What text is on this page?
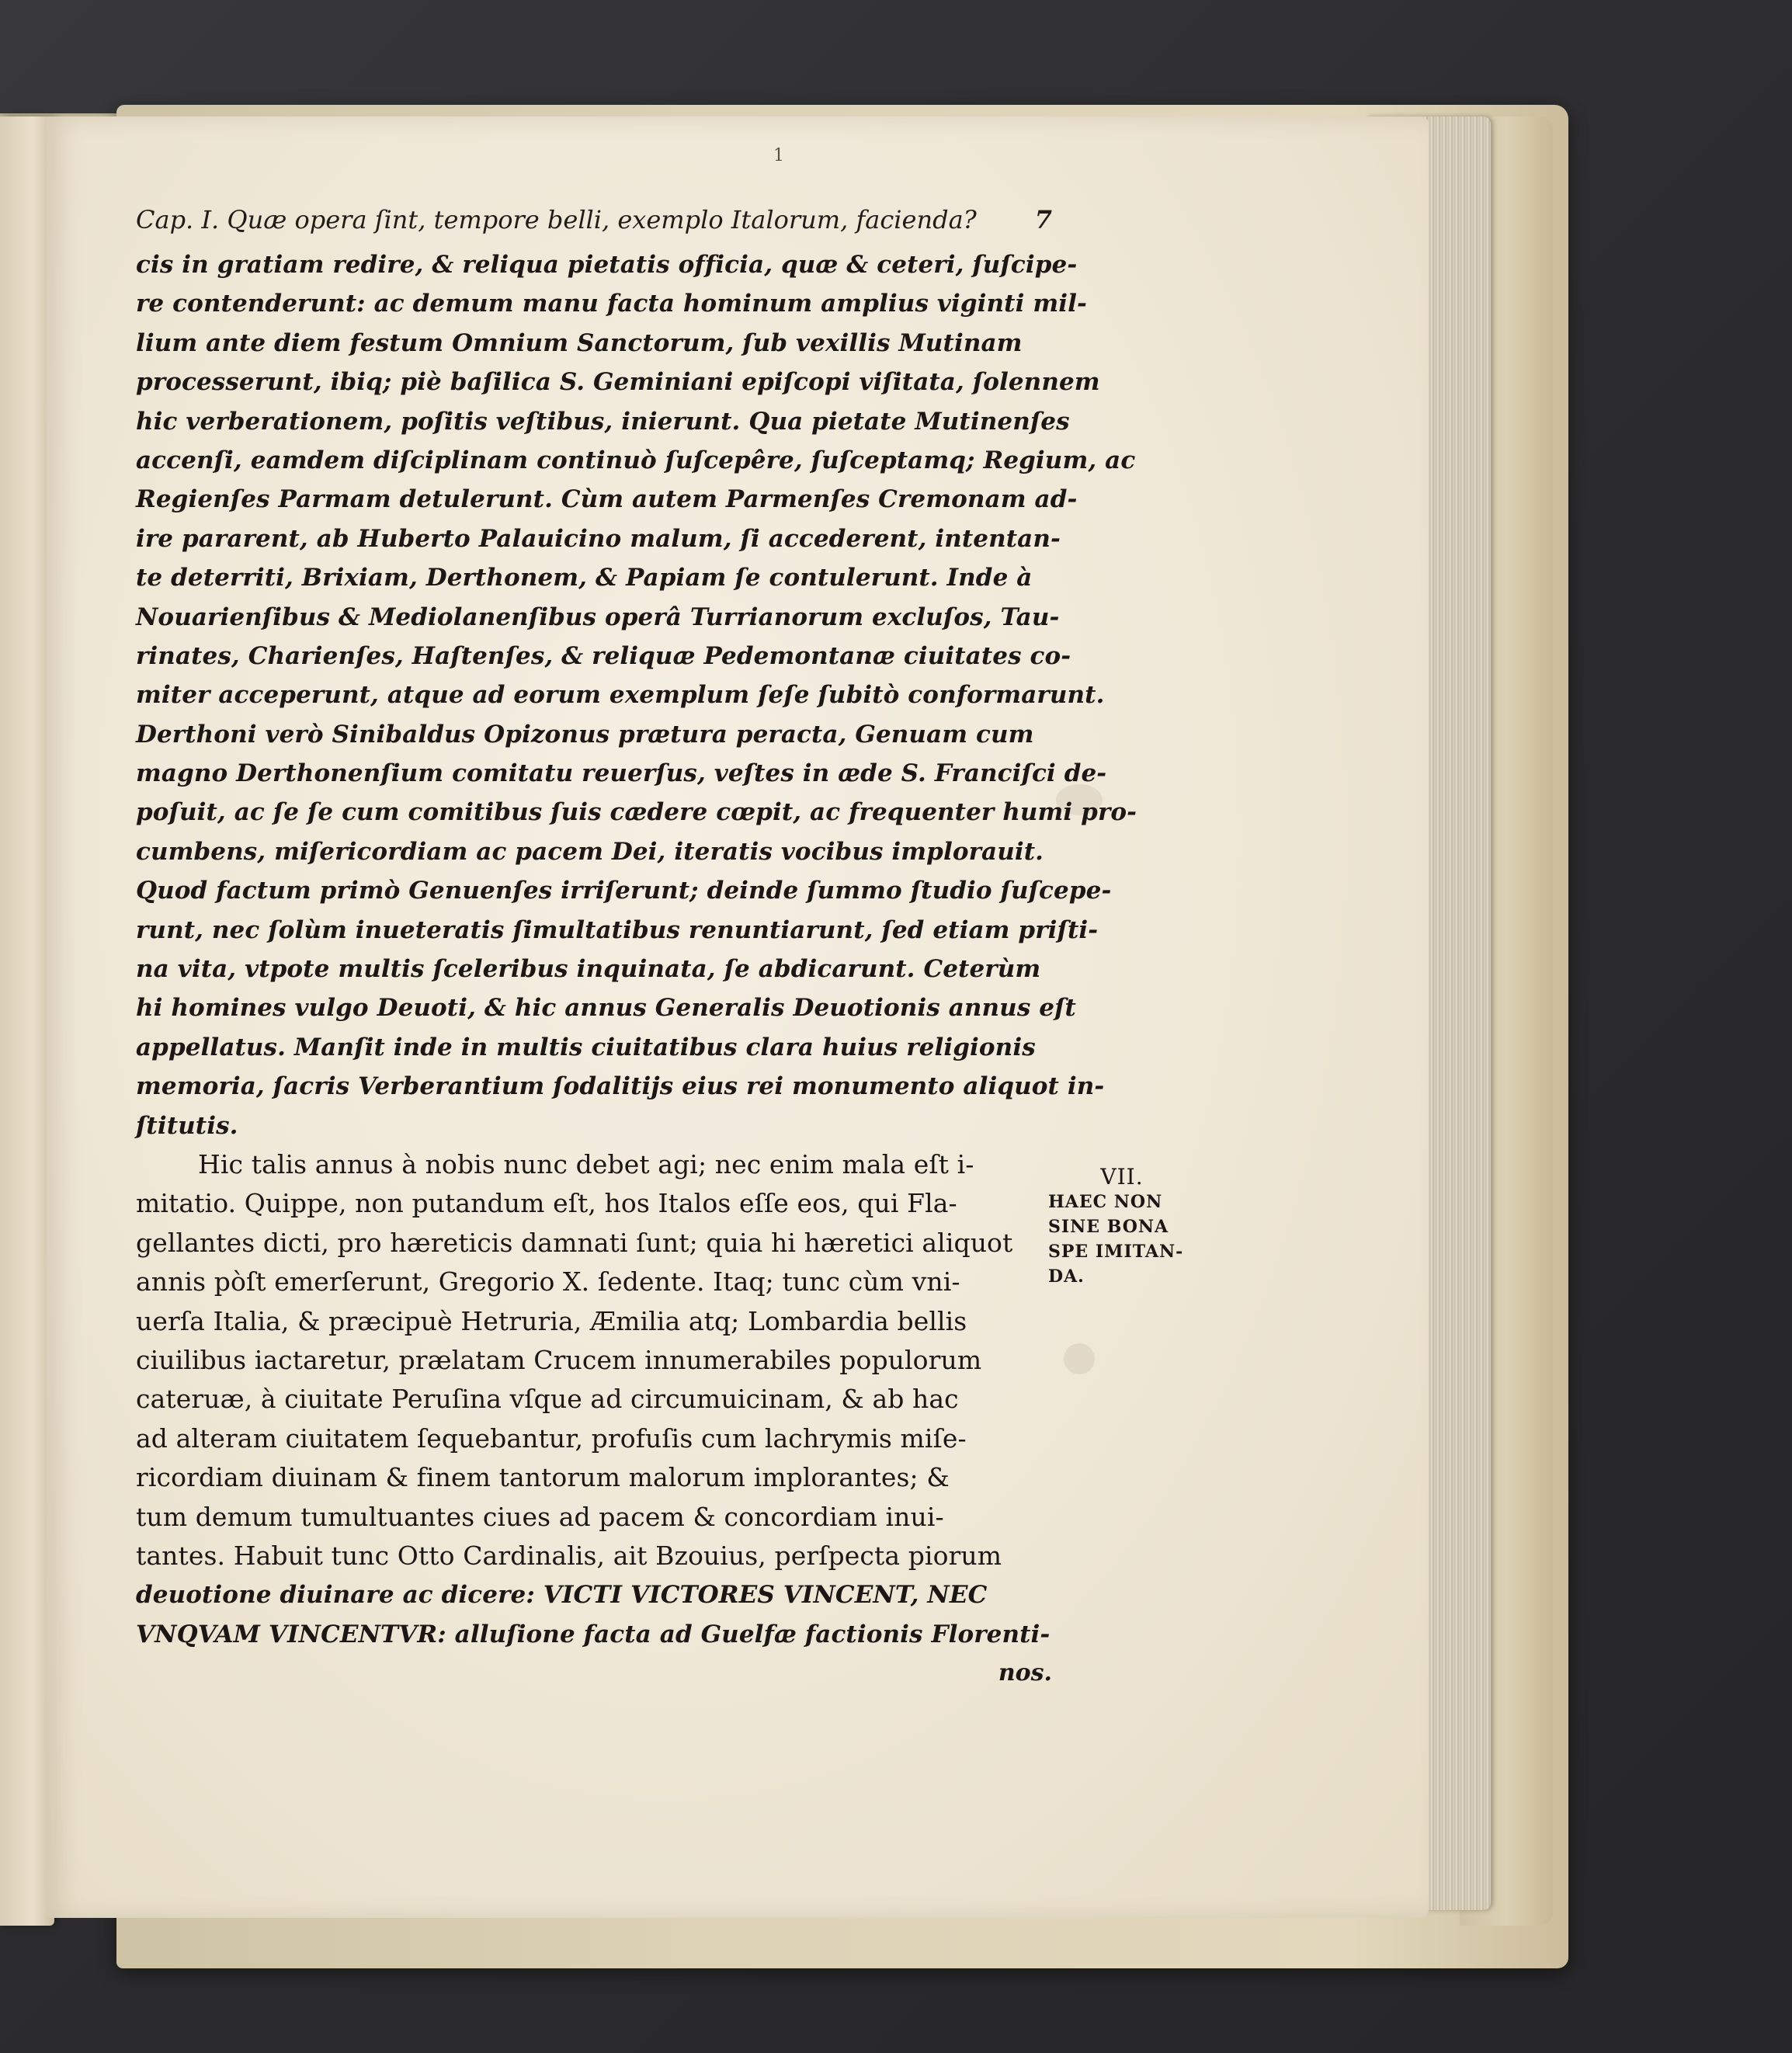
1
Cap. I. Quæ opera ſint, tempore belli, exemplo Italorum, facienda? 7
cis in gratiam redire, & reliqua pietatis officia, quæ & ceteri, ſuſcipe-
re contenderunt: ac demum manu facta hominum amplius viginti mil-
lium ante diem festum Omnium Sanctorum, ſub vexillis Mutinam
processerunt, ibiq; piè baſilica S. Geminiani epiſcopi viſitata, ſolennem
hic verberationem, poſitis veſtibus, inierunt. Qua pietate Mutinenſes
accenſi, eamdem diſciplinam continuò ſuſcepêre, ſuſceptamq; Regium, ac
Regienſes Parmam detulerunt. Cùm autem Parmenſes Cremonam ad-
ire pararent, ab Huberto Palauicino malum, ſi accederent, intentan-
te deterriti, Brixiam, Derthonem, & Papiam ſe contulerunt. Inde à
Nouarienſibus & Mediolanenſibus operâ Turrianorum excluſos, Tau-
rinates, Charienſes, Haſtenſes, & reliquæ Pedemontanæ ciuitates co-
miter acceperunt, atque ad eorum exemplum ſeſe ſubitò conformarunt.
Derthoni verò Sinibaldus Opizonus prætura peracta, Genuam cum
magno Derthonenſium comitatu reuerſus, veſtes in æde S. Franciſci de-
poſuit, ac ſe ſe cum comitibus ſuis cædere cœpit, ac frequenter humi pro-
cumbens, miſericordiam ac pacem Dei, iteratis vocibus implorauit.
Quod factum primò Genuenſes irriſerunt; deinde ſummo ſtudio ſuſcepe-
runt, nec ſolùm inueteratis ſimultatibus renuntiarunt, ſed etiam priſti-
na vita, vtpote multis ſceleribus inquinata, ſe abdicarunt. Ceterùm
hi homines vulgo Deuoti, & hic annus Generalis Deuotionis annus eſt
appellatus. Manſit inde in multis ciuitatibus clara huius religionis
memoria, ſacris Verberantium ſodalitijs eius rei monumento aliquot in-
ſtitutis.
Hic talis annus à nobis nunc debet agi; nec enim mala eſt i-
mitatio. Quippe, non putandum eſt, hos Italos eſſe eos, qui Fla-
gellantes dicti, pro hæreticis damnati ſunt; quia hi hæretici aliquot
annis pòſt emerſerunt, Gregorio X. ſedente. Itaq; tunc cùm vni-
uerſa Italia, & præcipuè Hetruria, Æmilia atq; Lombardia bellis
ciuilibus iactaretur, prælatam Crucem innumerabiles populorum
cateruæ, à ciuitate Peruſina vſque ad circumuicinam, & ab hac
ad alteram ciuitatem ſequebantur, profuſis cum lachrymis miſe-
ricordiam diuinam & finem tantorum malorum implorantes; &
tum demum tumultuantes ciues ad pacem & concordiam inui-
tantes. Habuit tunc Otto Cardinalis, ait Bzouius, perſpecta piorum
deuotione diuinare ac dicere: VICTI VICTORES VINCENT, NEC
VNQVAM VINCENTVR: alluſione facta ad Guelfæ factionis Florenti-
nos.
VII.
HAEC NON
SINE BONA
SPE IMITAN-
DA.
